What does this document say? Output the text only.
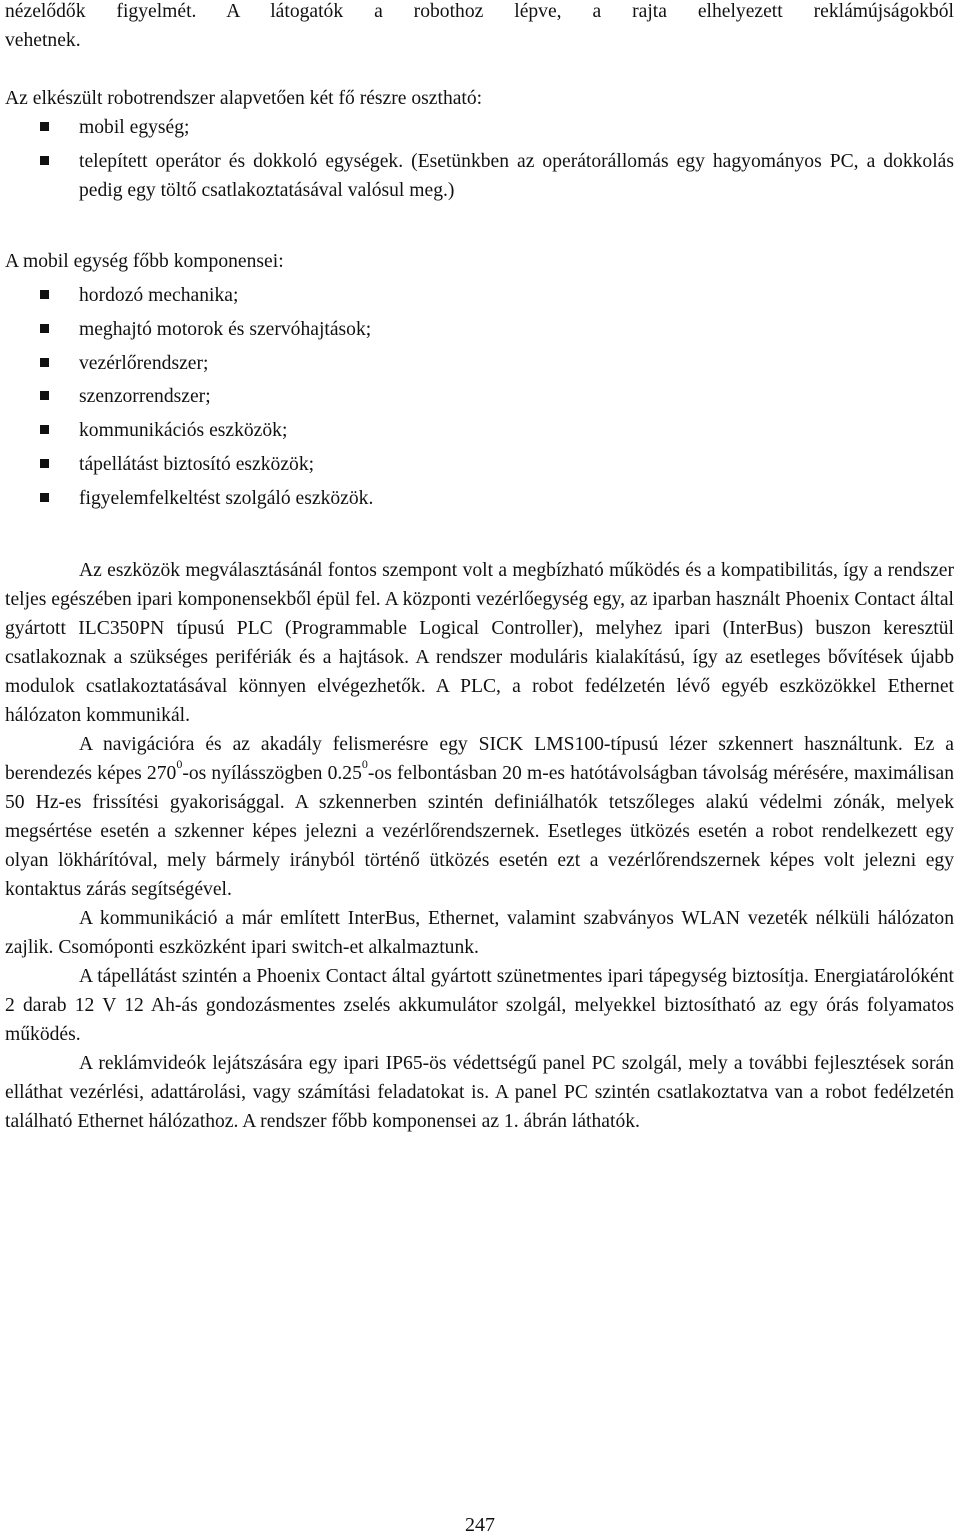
nézelődők figyelmét. A látogatók a robothoz lépve, a rajta elhelyezett reklámújságokból
vehetnek.
Az elkészült robotrendszer alapvetően két fő részre osztható:
mobil egység;
telepített operátor és dokkoló egységek. (Esetünkben az operátorállomás egy hagyományos PC, a dokkolás pedig egy töltő csatlakoztatásával valósul meg.)
A mobil egység főbb komponensei:
hordozó mechanika;
meghajtó motorok és szervóhajtások;
vezérlőrendszer;
szenzorrendszer;
kommunikációs eszközök;
tápellátást biztosító eszközök;
figyelemfelkeltést szolgáló eszközök.

Az eszközök megválasztásánál fontos szempont volt a megbízható működés és a kompatibilitás, így a rendszer teljes egészében ipari komponensekből épül fel. A központi vezérlőegység egy, az iparban használt Phoenix Contact által gyártott ILC350PN típusú PLC (Programmable Logical Controller), melyhez ipari (InterBus) buszon keresztül csatlakoznak a szükséges perifériák és a hajtások. A rendszer moduláris kialakítású, így az esetleges bővítések újabb modulok csatlakoztatásával könnyen elvégezhetők. A PLC, a robot fedélzetén lévő egyéb eszközökkel Ethernet hálózaton kommunikál.

A navigációra és az akadály felismerésre egy SICK LMS100-típusú lézer szkennert használtunk. Ez a berendezés képes $270^0-os$ nyílásszögben 0.25$^0$-os felbontásban 20 m-es hatótávolságban távolság mérésére, maximálisan 50 Hz-es frissítési gyakorisággal. A szkennerben szintén definiálhatók tetszőleges alakú védelmi zónák, melyek megsértése esetén a szkenner képes jelezni a vezérlőrendszernek. Esetleges ütközés esetén a robot rendelkezett egy olyan lökhárítóval, mely bármely irányból történő ütközés esetén ezt a vezérlőrendszernek képes volt jelezni egy kontaktus zárás segítségével.

A kommunikáció a már említett InterBus, Ethernet, valamint szabványos WLAN vezeték nélküli hálózaton zajlik. Csomóponti eszközként ipari switch-et alkalmaztunk.

A tápellátást szintén a Phoenix Contact által gyártott szünetmentes ipari tápegység biztosítja. Energiatárolóként 2 darab 12 V 12 Ah-ás gondozásmentes zselés akkumulátor szolgál, melyekkel biztosítható az egy órás folyamatos működés.

A reklámvideók lejátszására egy ipari IP65-ös védettségű panel PC szolgál, mely a további fejlesztések során elláthat vezérlési, adattárolási, vagy számítási feladatokat is. A panel PC szintén csatlakoztatva van a robot fedélzetén található Ethernet hálózathoz. A rendszer főbb komponensei az 1. ábrán láthatók.

247
